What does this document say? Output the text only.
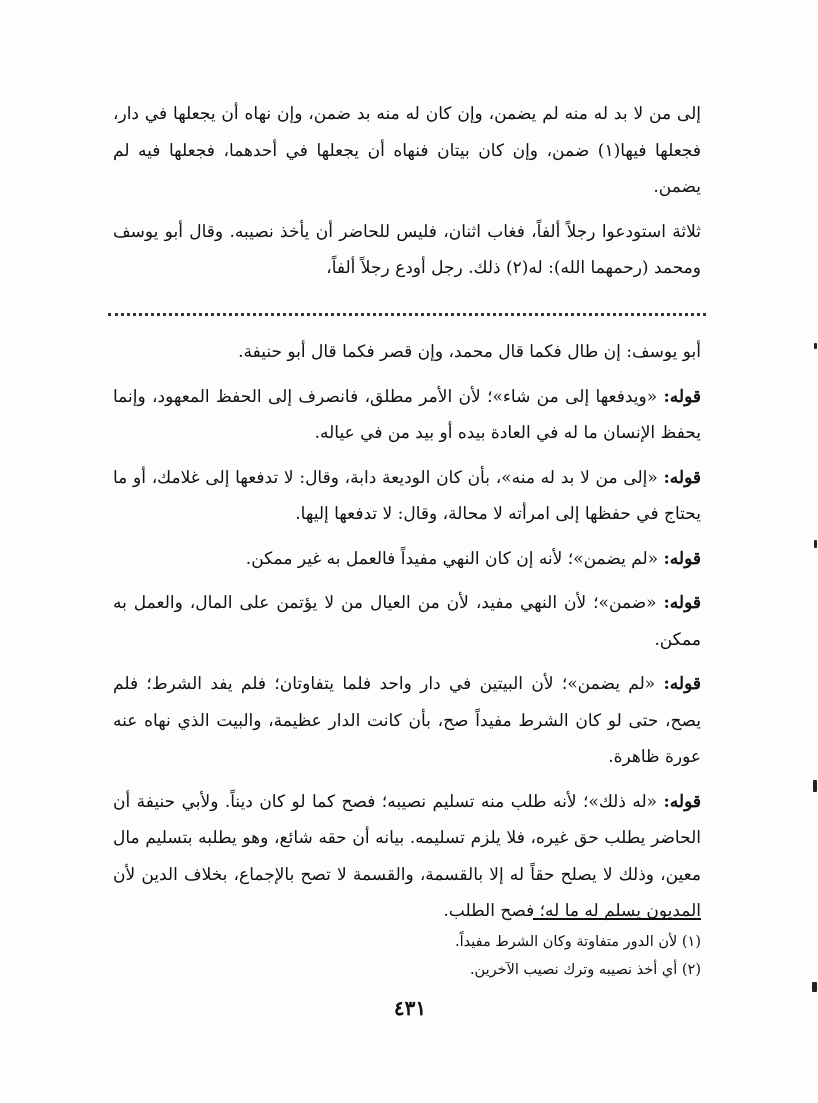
إلى من لا بد له منه لم يضمن، وإن كان له منه بد ضمن، وإن نهاه أن يجعلها في دار، فجعلها فيها(١) ضمن، وإن كان بيتان فنهاه أن يجعلها في أحدهما، فجعلها فيه لم يضمن.

ثلاثة استودعوا رجلاً ألفاً، فغاب اثنان، فليس للحاضر أن يأخذ نصيبه. وقال أبو يوسف ومحمد (رحمهما الله): له(٢) ذلك. رجل أودع رجلاً ألفاً،

أبو يوسف: إن طال فكما قال محمد، وإن قصر فكما قال أبو حنيفة.

قوله: «ويدفعها إلى من شاء»؛ لأن الأمر مطلق، فانصرف إلى الحفظ المعهود، وإنما يحفظ الإنسان ما له في العادة بيده أو بيد من في عياله.

قوله: «إلى من لا بد له منه»، بأن كان الوديعة دابة، وقال: لا تدفعها إلى غلامك، أو ما يحتاج في حفظها إلى امرأته لا محالة، وقال: لا تدفعها إليها.

قوله: «لم يضمن»؛ لأنه إن كان النهي مفيداً فالعمل به غير ممكن.

قوله: «ضمن»؛ لأن النهي مفيد، لأن من العيال من لا يؤتمن على المال، والعمل به ممكن.

قوله: «لم يضمن»؛ لأن البيتين في دار واحد فلما يتفاوتان؛ فلم يفد الشرط؛ فلم يصح، حتى لو كان الشرط مفيداً صح، بأن كانت الدار عظيمة، والبيت الذي نهاه عنه عورة ظاهرة.

قوله: «له ذلك»؛ لأنه طلب منه تسليم نصيبه؛ فصح كما لو كان ديناً. ولأبي حنيفة أن الحاضر يطلب حق غيره، فلا يلزم تسليمه. بيانه أن حقه شائع، وهو يطلبه بتسليم مال معين، وذلك لا يصلح حقاً له إلا بالقسمة، والقسمة لا تصح بالإجماع، بخلاف الدين لأن المديون يسلم له ما له؛ فصح الطلب.

(١) لأن الدور متفاوتة وكان الشرط مفيداً.

(٢) أي أخذ نصيبه وترك نصيب الآخرين.

٤٣١
